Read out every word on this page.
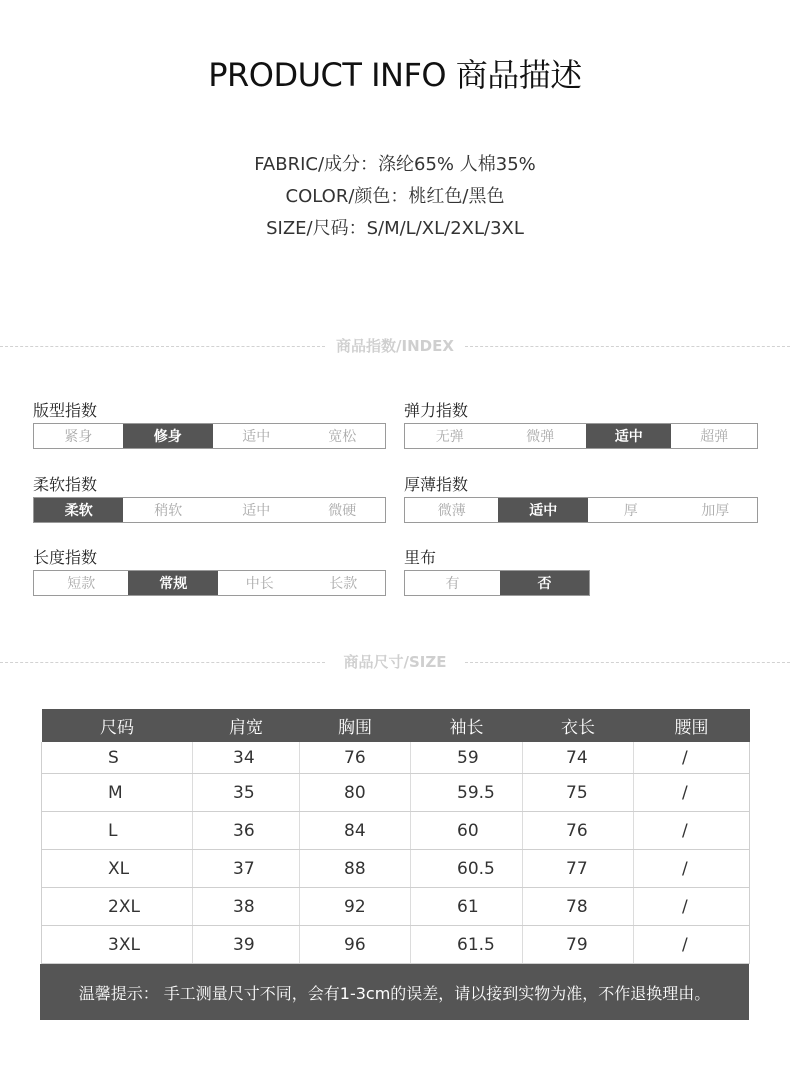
PRODUCT INFO 商品描述
FABRIC/成分：涤纶65% 人棉35%
COLOR/颜色：桃红色/黑色
SIZE/尺码：S/M/L/XL/2XL/3XL
商品指数/INDEX
版型指数
紧身	修身	适中	宽松
弹力指数
无弹	微弹	适中	超弹
柔软指数
柔软	稍软	适中	微硬
厚薄指数
微薄	适中	厚	加厚
长度指数
短款	常规	中长	长款
里布
有	否
商品尺寸/SIZE
尺码	肩宽	胸围	袖长	衣长	腰围
S	34	76	59	74	/
M	35	80	59.5	75	/
L	36	84	60	76	/
XL	37	88	60.5	77	/
2XL	38	92	61	78	/
3XL	39	96	61.5	79	/
温馨提示： 手工测量尺寸不同，会有1-3cm的误差，请以接到实物为准，不作退换理由。
